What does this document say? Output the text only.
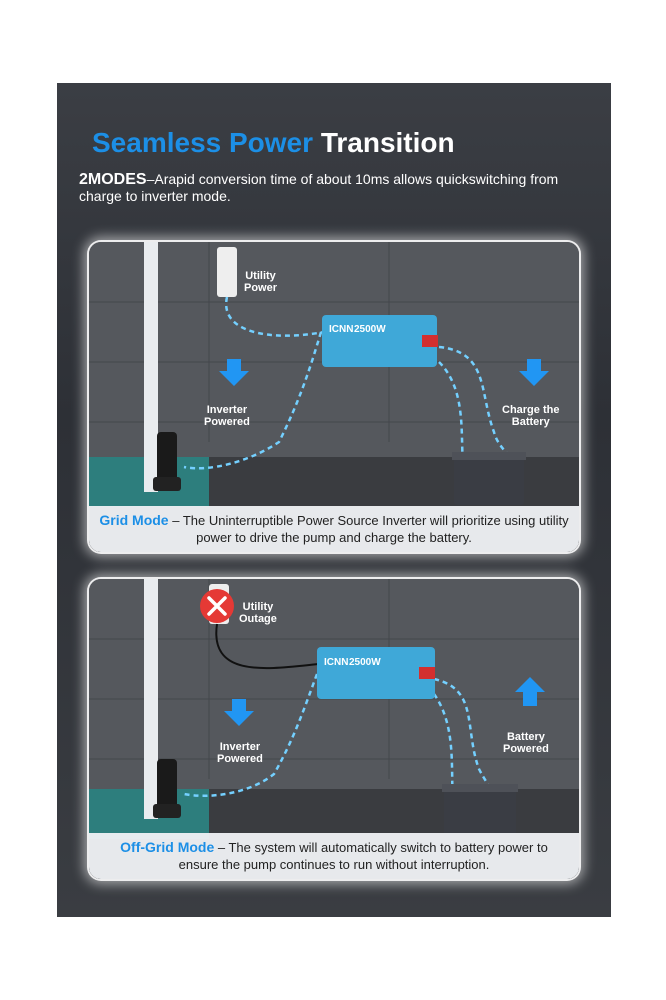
Seamless Power Transition
2MODES–Arapid conversion time of about 10ms allows quickswitching from charge to inverter mode.
ICNN 2500W
Utility
Power
Inverter
Powered
Charge the
Battery
Grid Mode – The Uninterruptible Power Source Inverter will prioritize using utility power to drive the pump and charge the battery.
ICNN 2500W
Utility
Outage
Inverter
Powered
Battery
Powered
Off-Grid Mode – The system will automatically switch to battery power to ensure the pump continues to run without interruption.
